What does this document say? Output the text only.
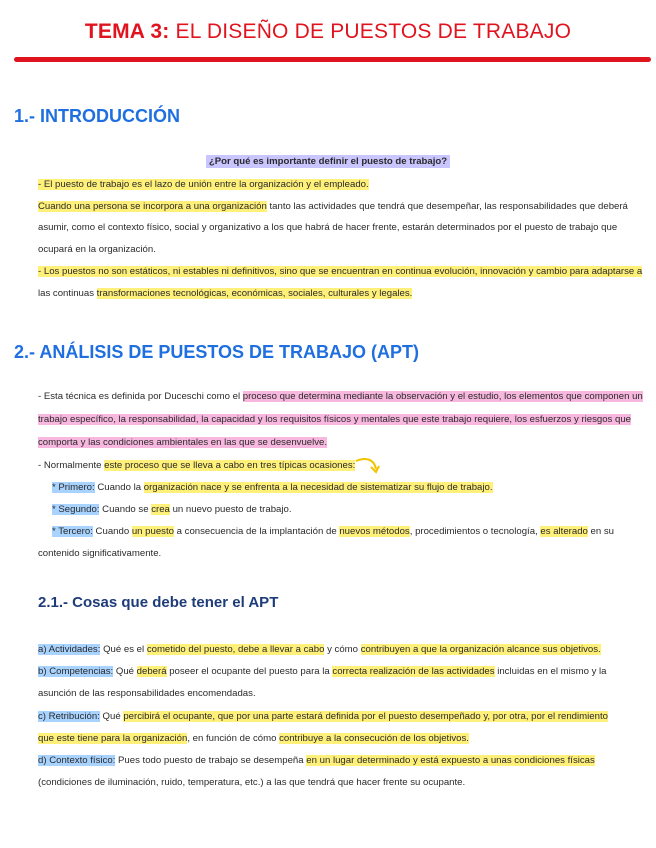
TEMA 3: EL DISEÑO DE PUESTOS DE TRABAJO
1.- INTRODUCCIÓN
¿Por qué es importante definir el puesto de trabajo?
- El puesto de trabajo es el lazo de unión entre la organización y el empleado.
Cuando una persona se incorpora a una organización tanto las actividades que tendrá que desempeñar, las responsabilidades que deberá
asumir, como el contexto físico, social y organizativo a los que habrá de hacer frente, estarán determinados por el puesto de trabajo que
ocupará en la organización.
- Los puestos no son estáticos, ni estables ni definitivos, sino que se encuentran en continua evolución, innovación y cambio para adaptarse a
las continuas transformaciones tecnológicas, económicas, sociales, culturales y legales.
2.- ANÁLISIS DE PUESTOS DE TRABAJO (APT)
- Esta técnica es definida por Duceschi como el proceso que determina mediante la observación y el estudio, los elementos que componen un
trabajo específico, la responsabilidad, la capacidad y los requisitos físicos y mentales que este trabajo requiere, los esfuerzos y riesgos que
comporta y las condiciones ambientales en las que se desenvuelve.
- Normalmente este proceso que se lleva a cabo en tres típicas ocasiones:
* Primero: Cuando la organización nace y se enfrenta a la necesidad de sistematizar su flujo de trabajo.
* Segundo: Cuando se crea un nuevo puesto de trabajo.
* Tercero: Cuando un puesto a consecuencia de la implantación de nuevos métodos, procedimientos o tecnología, es alterado en su
contenido significativamente.
2.1.- Cosas que debe tener el APT
a) Actividades: Qué es el cometido del puesto, debe a llevar a cabo y cómo contribuyen a que la organización alcance sus objetivos.
b) Competencias: Qué deberá poseer el ocupante del puesto para la correcta realización de las actividades incluidas en el mismo y la
asunción de las responsabilidades encomendadas.
c) Retribución: Qué percibirá el ocupante, que por una parte estará definida por el puesto desempeñado y, por otra, por el rendimiento
que este tiene para la organización, en función de cómo contribuye a la consecución de los objetivos.
d) Contexto físico: Pues todo puesto de trabajo se desempeña en un lugar determinado y está expuesto a unas condiciones físicas
(condiciones de iluminación, ruido, temperatura, etc.) a las que tendrá que hacer frente su ocupante.
